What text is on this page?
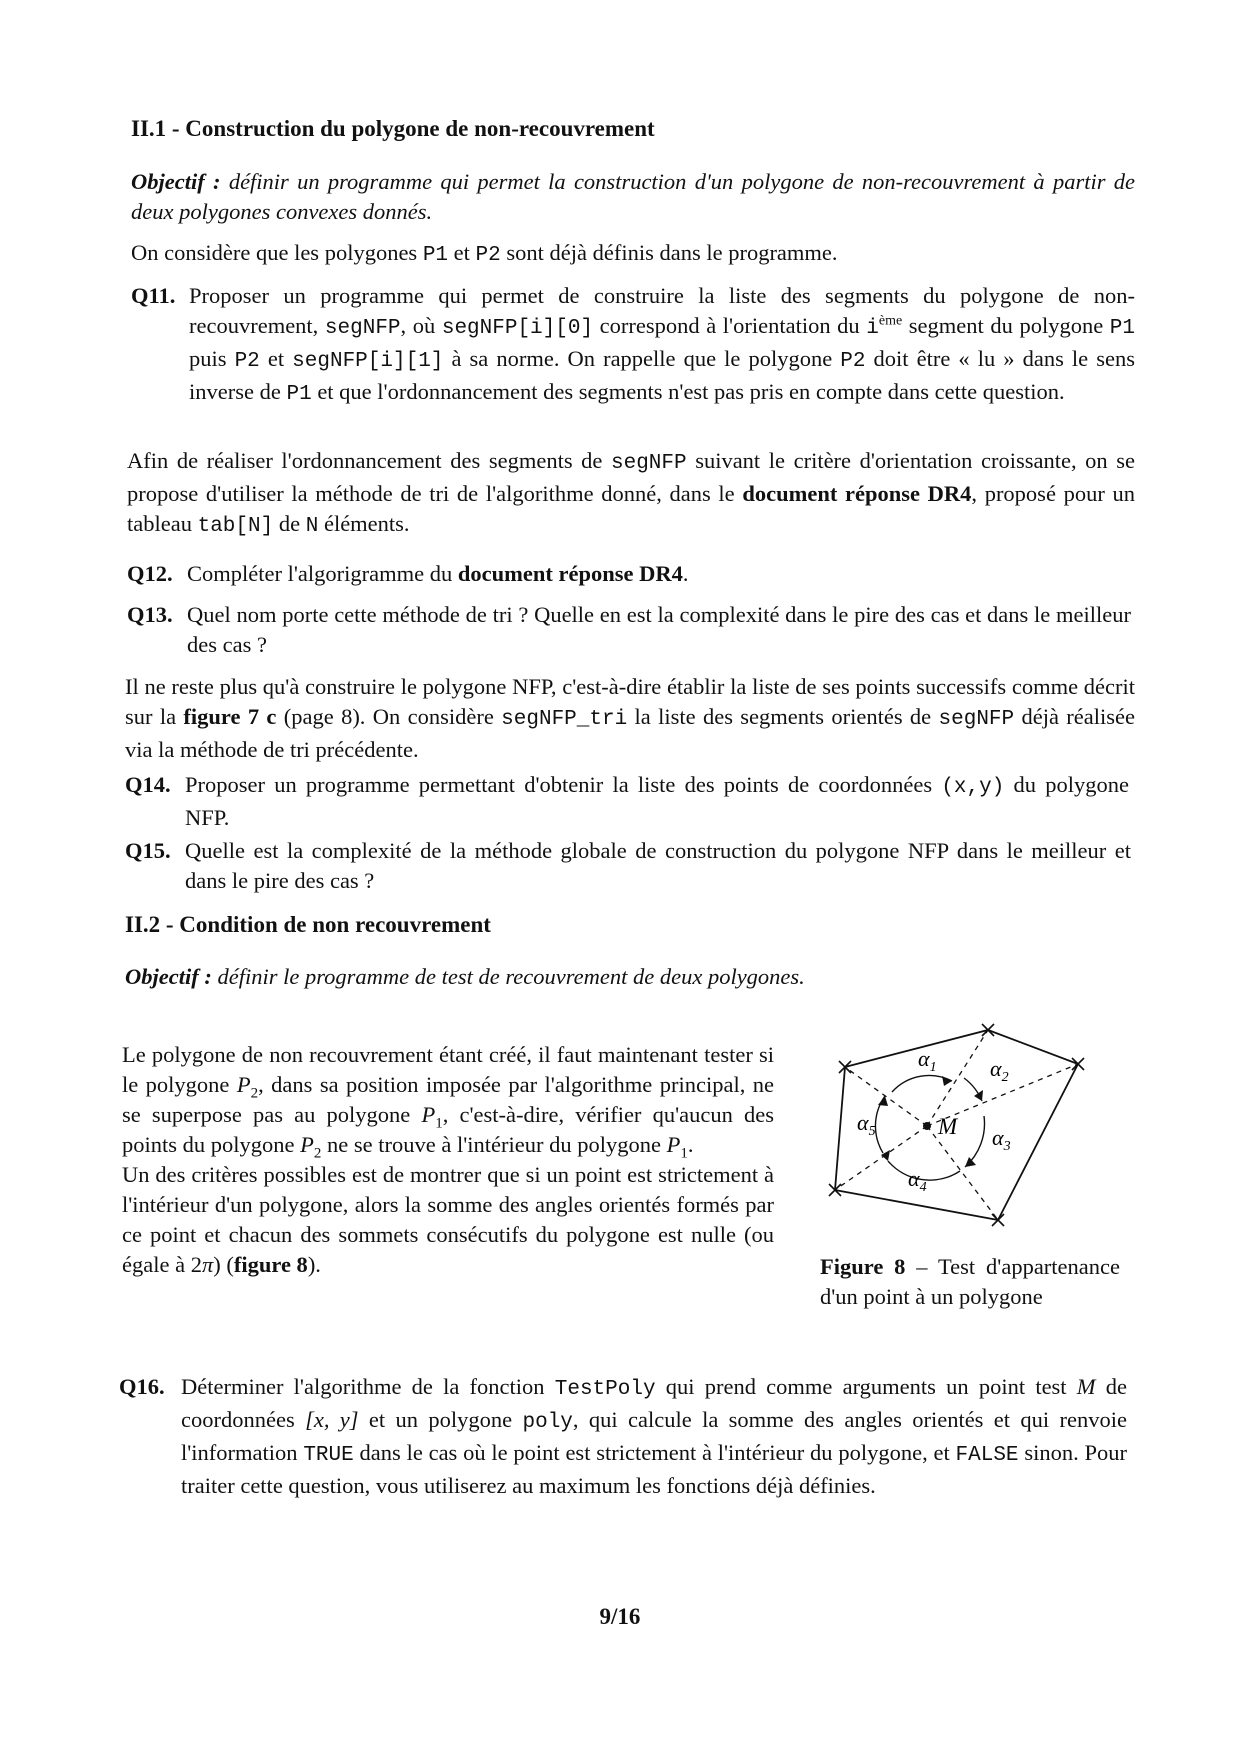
II.1 - Construction du polygone de non-recouvrement
Objectif : définir un programme qui permet la construction d'un polygone de non-recouvrement à partir de deux polygones convexes donnés.
On considère que les polygones P1 et P2 sont déjà définis dans le programme.
Q11. Proposer un programme qui permet de construire la liste des segments du polygone de non-recouvrement, segNFP, où segNFP[i][0] correspond à l'orientation du $i^{ème}$ segment du polygone P1 puis P2 et segNFP[i][1] à sa norme. On rappelle que le polygone P2 doit être « lu » dans le sens inverse de P1 et que l'ordonnancement des segments n'est pas pris en compte dans cette question.
Afin de réaliser l'ordonnancement des segments de segNFP suivant le critère d'orientation croissante, on se propose d'utiliser la méthode de tri de l'algorithme donné, dans le document réponse DR4, proposé pour un tableau tab[N] de N éléments.
Q12. Compléter l'algorigramme du document réponse DR4.
Q13. Quel nom porte cette méthode de tri ? Quelle en est la complexité dans le pire des cas et dans le meilleur des cas ?
Il ne reste plus qu'à construire le polygone NFP, c'est-à-dire établir la liste de ses points successifs comme décrit sur la figure 7 c (page 8). On considère segNFP_tri la liste des segments orientés de segNFP déjà réalisée via la méthode de tri précédente.
Q14. Proposer un programme permettant d'obtenir la liste des points de coordonnées (x,y) du polygone NFP.
Q15. Quelle est la complexité de la méthode globale de construction du polygone NFP dans le meilleur et dans le pire des cas ?
II.2 - Condition de non recouvrement
Objectif : définir le programme de test de recouvrement de deux polygones.
Le polygone de non recouvrement étant créé, il faut maintenant tester si le polygone $P_2$, dans sa position imposée par l'algorithme principal, ne se superpose pas au polygone $P_1$, c'est-à-dire, vérifier qu'aucun des points du polygone $P_2$ ne se trouve à l'intérieur du polygone $P_1$.
Un des critères possibles est de montrer que si un point est strictement à l'intérieur d'un polygone, alors la somme des angles orientés formés par ce point et chacun des sommets consécutifs du polygone est nulle (ou égale à 2π) (figure 8).
M
$\alpha_1$ $\alpha_2$
$\alpha_3$
$\alpha_4$
$\alpha_5$
Figure 8 – Test d'appartenance d'un point à un polygone
Q16. Déterminer l'algorithme de la fonction TestPoly qui prend comme arguments un point test M de coordonnées [x, y] et un polygone poly, qui calcule la somme des angles orientés et qui renvoie l'information TRUE dans le cas où le point est strictement à l'intérieur du polygone, et FALSE sinon. Pour traiter cette question, vous utiliserez au maximum les fonctions déjà définies.
9/16
